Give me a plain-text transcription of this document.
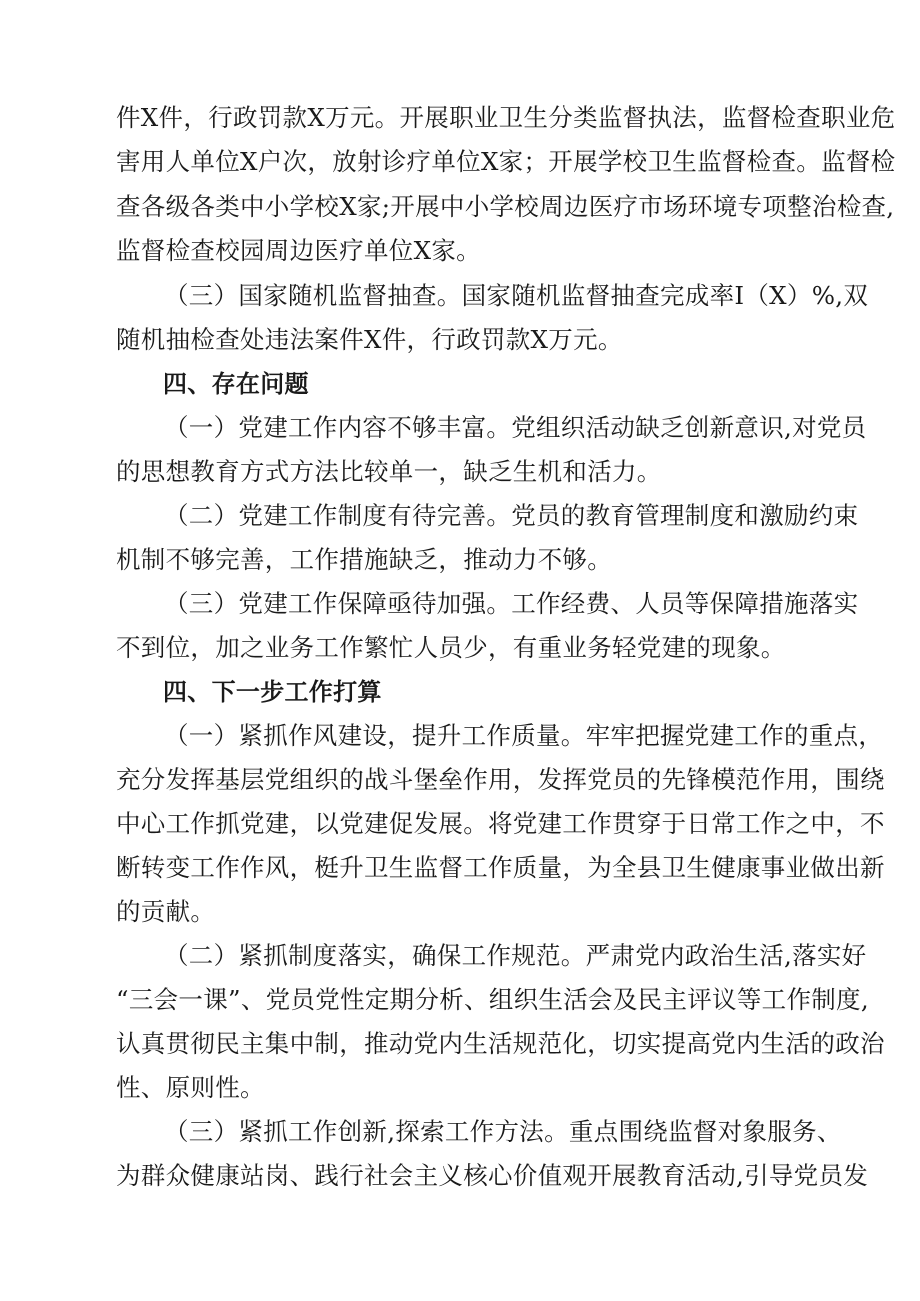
件X件，行政罚款X万元。开展职业卫生分类监督执法，监督检查职业危
害用人单位X户次，放射诊疗单位X家；开展学校卫生监督检查。监督检
查各级各类中小学校X家;开展中小学校周边医疗市场环境专项整治检查,
监督检查校园周边医疗单位X家。
（三）国家随机监督抽查。国家随机监督抽查完成率I（X）%,双
随机抽检查处违法案件X件，行政罚款X万元。
四、存在问题
（一）党建工作内容不够丰富。党组织活动缺乏创新意识,对党员
的思想教育方式方法比较单一，缺乏生机和活力。
（二）党建工作制度有待完善。党员的教育管理制度和激励约束
机制不够完善，工作措施缺乏，推动力不够。
（三）党建工作保障亟待加强。工作经费、人员等保障措施落实
不到位，加之业务工作繁忙人员少，有重业务轻党建的现象。
四、下一步工作打算
（一）紧抓作风建设，提升工作质量。牢牢把握党建工作的重点，
充分发挥基层党组织的战斗堡垒作用，发挥党员的先锋模范作用，围绕
中心工作抓党建，以党建促发展。将党建工作贯穿于日常工作之中，不
断转变工作作风，梃升卫生监督工作质量，为全县卫生健康事业做出新
的贡献。
（二）紧抓制度落实，确保工作规范。严肃党内政治生活,落实好
“三会一课”、党员党性定期分析、组织生活会及民主评议等工作制度,
认真贯彻民主集中制，推动党内生活规范化，切实提高党内生活的政治
性、原则性。
（三）紧抓工作创新,探索工作方法。重点围绕监督对象服务、
为群众健康站岗、践行社会主义核心价值观开展教育活动,引导党员发
